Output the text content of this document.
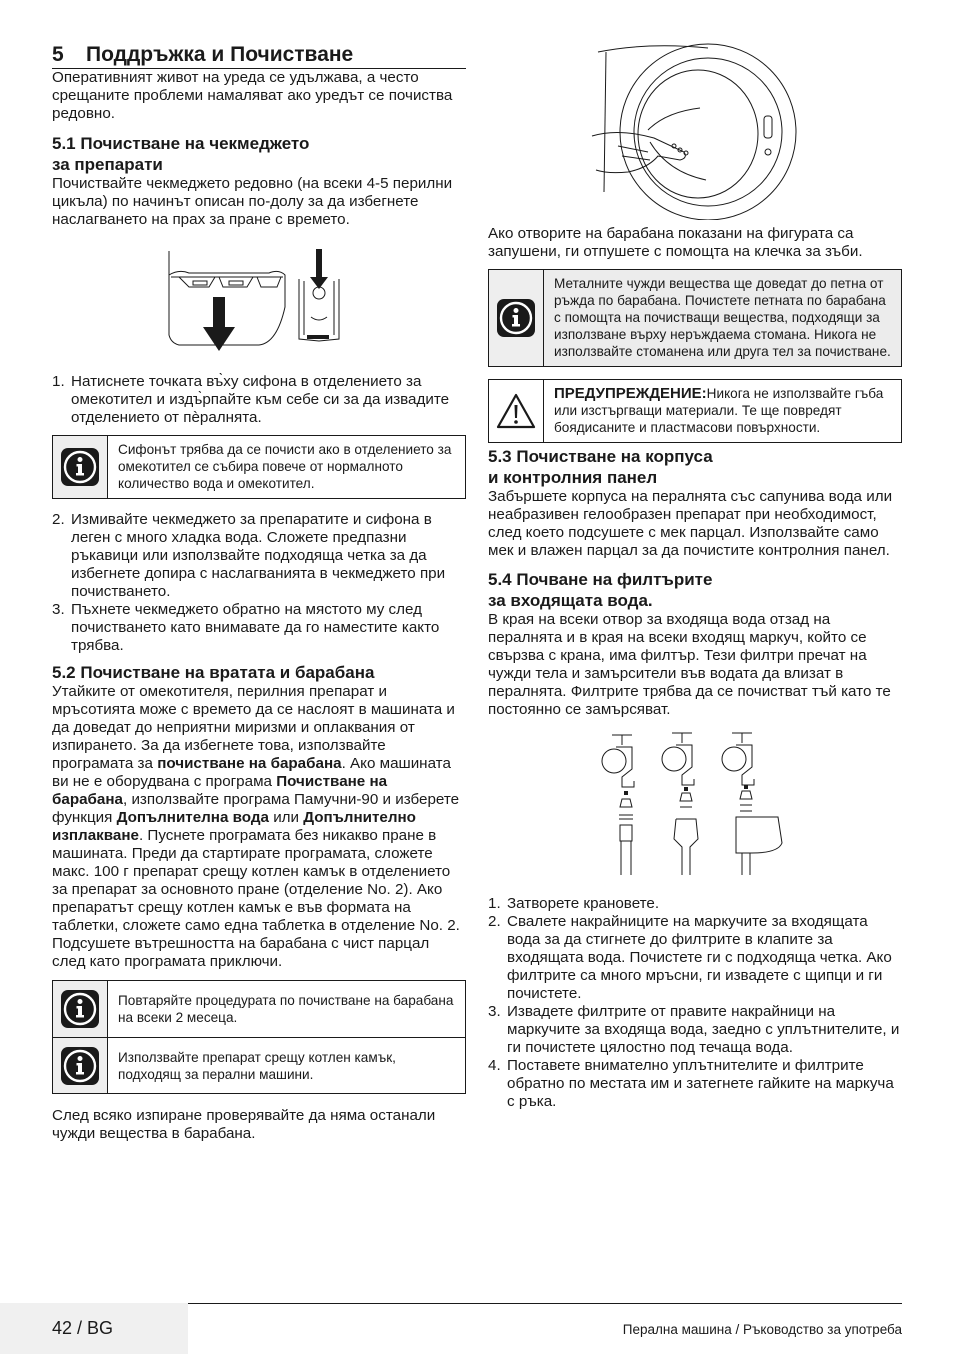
5 Поддръжка и Почистване

Оперативният живот на уреда се удължава, а често срещаните проблеми намаляват ако уредът се почиства редовно.

5.1 Почистване на чекмеджето
за препарати

Почиствайте чекмеджето редовно (на всеки 4-5 перилни цикъла) по начинът описан по-долу за да избегнете наслагването на прах за пране с времето.

1. Натиснете точката въ̀ху сифона в отделението за омекотител и издъ̀рпайте към себе си за да извадите отделението от пѐралнята.
Сифонът трябва да се почисти ако в отделението за омекотител се събира повече от нормалното количество вода и омекотител.
2. Измивайте чекмеджето за препаратите и сифона в леген с много хладка вода. Сложете предпазни ръкавици или използвайте подходяща четка за да избегнете допира с наслагванията в чекмеджето при почистването.
3. Пъхнете чекмеджето обратно на мястото му след почистването като внимавате да го наместите както трябва.
5.2 Почистване на вратата и барабана

Утайките от омекотителя, перилния препарат и мръсотията може с времето да се наслоят в машината и да доведат до неприятни миризми и оплаквания от изпирането. За да избегнете това, използвайте програмата за почистване на барабана. Ако машината ви не е оборудвана с програма Почистване на барабана, използвайте програма Памучни-90 и изберете функция Допълнителна вода или Допълнително изплакване. Пуснете програмата без никакво пране в машината. Преди да стартирате програмата, сложете макс. 100 г препарат срещу котлен камък в отделението за препарат за основното пране (отделение No. 2). Ако препаратът срещу котлен камък е във формата на таблетки, сложете само една таблетка в отделение No. 2. Подсушете вътрешността на барабана с чист парцал след като програмата приключи.

Повтаряйте процедурата по почистване на барабана на всеки 2 месеца.
Използвайте препарат срещу котлен камък, подходящ за перални машини.

След всяко изпиране проверявайте да няма останали чужди вещества в барабана.

Ако отворите на барабана показани на фигурата са запушени, ги отпушете с помощта на клечка за зъби.

Металните чужди вещества ще доведат до петна от ръжда по барабана. Почистете петната по барабана с помощта на почистващи вещества, подходящи за използване върху неръждаема стомана. Никога не използвайте стоманена или друга тел за почистване.
ПРЕДУПРЕЖДЕНИЕ:Никога не използвайте гъба или изстъргващи материали. Те ще повредят боядисаните и пластмасови повърхности.
5.3 Почистване на корпуса
и контролния панел

Забършете корпуса на пералнята със сапунива вода или неабразивен гелообразен препарат при необходимост, след което подсушете с мек парцал. Използвайте само мек и влажен парцал за да почистите контролния панел.

5.4 Почване на филтърите
за входящата вода.

В края на всеки отвор за входяща вода отзад на пералнята и в края на всеки входящ маркуч, който се свързва с крана, има филтър. Тези филтри пречат на чужди тела и замърсители във водата да влизат в пералнята. Филтрите трябва да се почистват тъй като те постоянно се замърсяват.

1. Затворете крановете.
2. Свалете накрайниците на маркучите за входящата вода за да стигнете до филтрите в клапите за входящата вода. Почистете ги с подходяща четка. Ако филтрите са много мръсни, ги извадете с щипци и ги почистете.
3. Извадете филтрите от правите накрайници на маркучите за входяща вода, заедно с уплътнителите, и ги почистете цялостно под течаща вода.
4. Поставете внимателно уплътнителите и филтрите обратно по местата им и затегнете гайките на маркуча с ръка.
42 / BG	Перална машина / Ръководство за употреба
